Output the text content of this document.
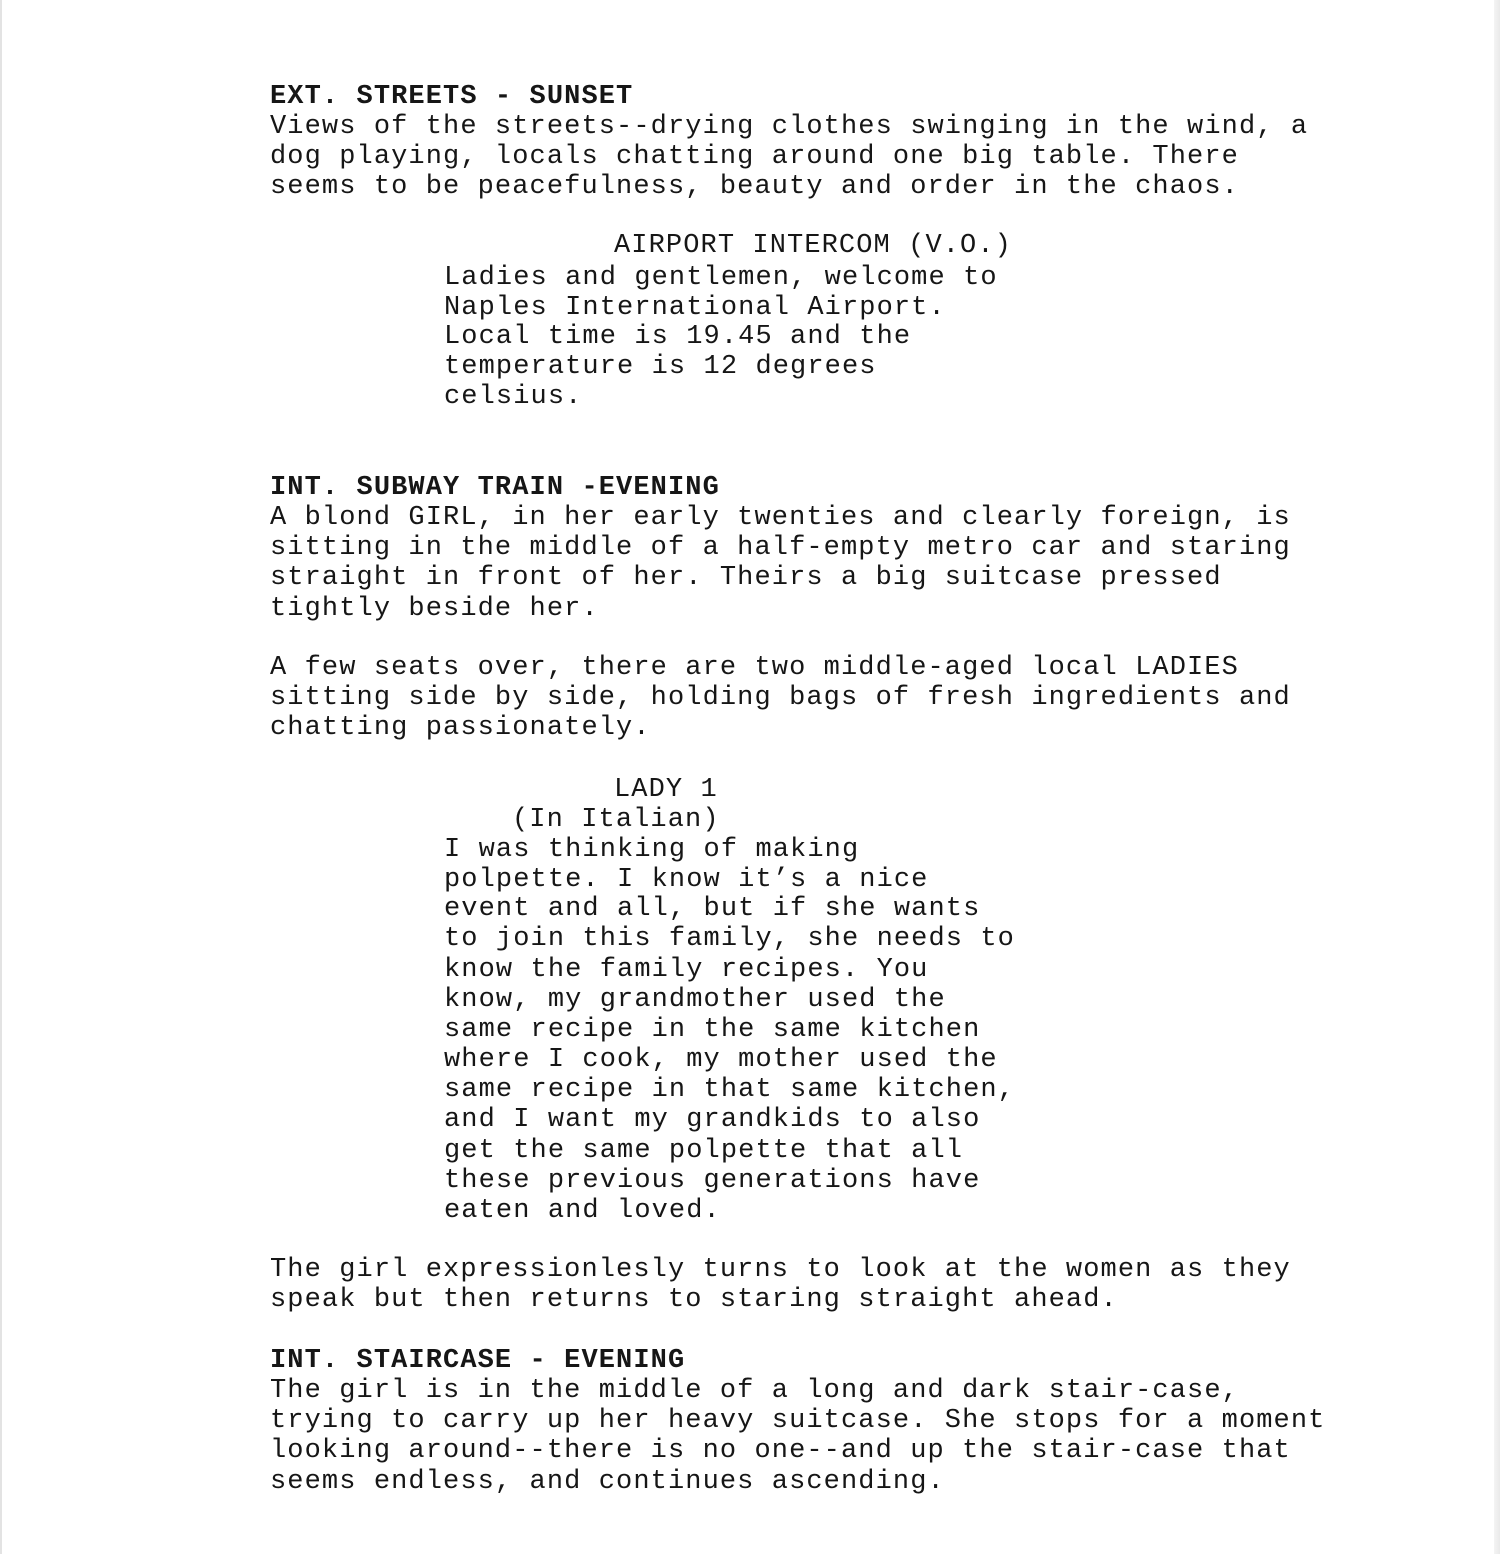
EXT. STREETS - SUNSET
Views of the streets--drying clothes swinging in the wind, a
dog playing, locals chatting around one big table. There
seems to be peacefulness, beauty and order in the chaos.
AIRPORT INTERCOM (V.O.)
Ladies and gentlemen, welcome to
Naples International Airport.
Local time is 19.45 and the
temperature is 12 degrees
celsius.
INT. SUBWAY TRAIN -EVENING
A blond GIRL, in her early twenties and clearly foreign, is
sitting in the middle of a half-empty metro car and staring
straight in front of her. Theirs a big suitcase pressed
tightly beside her.
A few seats over, there are two middle-aged local LADIES
sitting side by side, holding bags of fresh ingredients and
chatting passionately.
LADY 1
(In Italian)
I was thinking of making
polpette. I know it’s a nice
event and all, but if she wants
to join this family, she needs to
know the family recipes. You
know, my grandmother used the
same recipe in the same kitchen
where I cook, my mother used the
same recipe in that same kitchen,
and I want my grandkids to also
get the same polpette that all
these previous generations have
eaten and loved.
The girl expressionlesly turns to look at the women as they
speak but then returns to staring straight ahead.
INT. STAIRCASE - EVENING
The girl is in the middle of a long and dark stair-case,
trying to carry up her heavy suitcase. She stops for a moment
looking around--there is no one--and up the stair-case that
seems endless, and continues ascending.
